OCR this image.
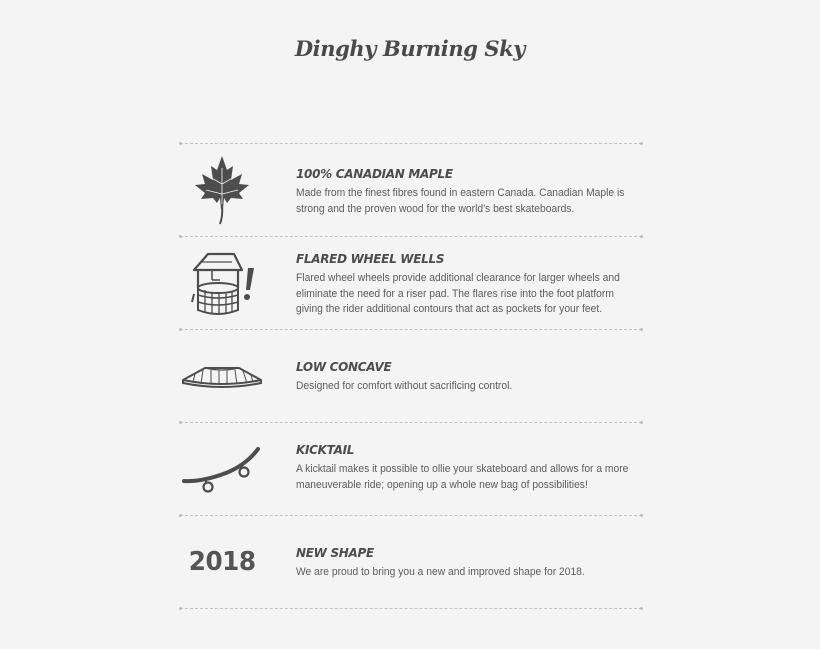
Dinghy Burning Sky
100% CANADIAN MAPLE

Made from the finest fibres found in eastern Canada. Canadian Maple is strong and the proven wood for the world's best skateboards.

FLARED WHEEL WELLS

Flared wheel wheels provide additional clearance for larger wheels and eliminate the need for a riser pad. The flares rise into the foot platform giving the rider additional contours that act as pockets for your feet.

LOW CONCAVE

Designed for comfort without sacrificing control.

KICKTAIL

A kicktail makes it possible to ollie your skateboard and allows for a more maneuverable ride; opening up a whole new bag of possibilities!

2018	NEW SHAPE

We are proud to bring you a new and improved shape for 2018.
